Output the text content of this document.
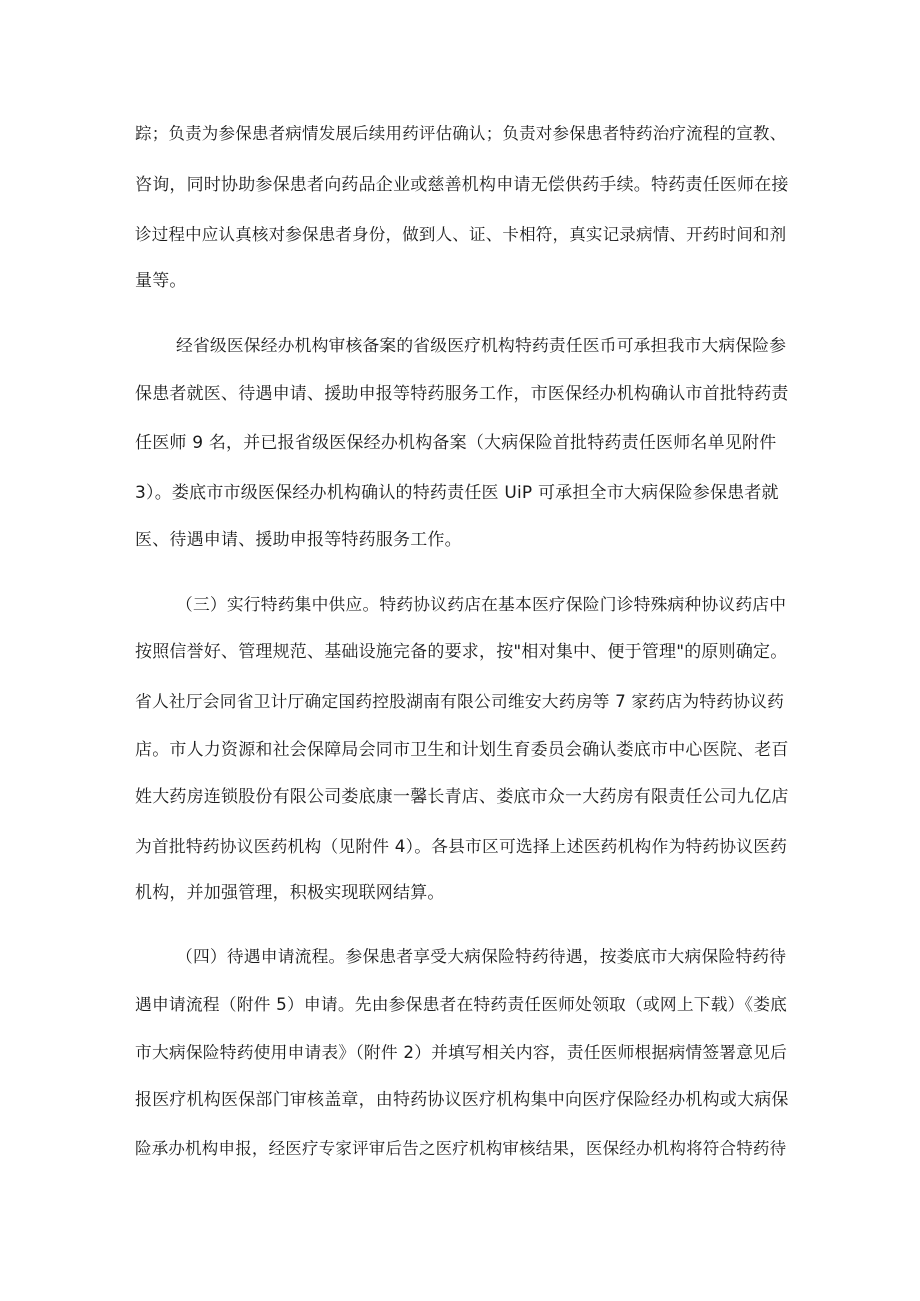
踪；负责为参保患者病情发展后续用药评估确认；负责对参保患者特药治疗流程的宣教、
咨询，同时协助参保患者向药品企业或慈善机构申请无偿供药手续。特药责任医师在接
诊过程中应认真核对参保患者身份，做到人、证、卡相符，真实记录病情、开药时间和剂
量等。
经省级医保经办机构审核备案的省级医疗机构特药责任医币可承担我市大病保险参
保患者就医、待遇申请、援助申报等特药服务工作，市医保经办机构确认市首批特药责
任医师 9 名，并已报省级医保经办机构备案（大病保险首批特药责任医师名单见附件
3）。娄底市市级医保经办机构确认的特药责任医 UiP 可承担全市大病保险参保患者就
医、待遇申请、援助申报等特药服务工作。
（三）实行特药集中供应。特药协议药店在基本医疗保险门诊特殊病种协议药店中
按照信誉好、管理规范、基础设施完备的要求，按"相对集中、便于管理"的原则确定。
省人社厅会同省卫计厅确定国药控股湖南有限公司维安大药房等 7 家药店为特药协议药
店。市人力资源和社会保障局会同市卫生和计划生育委员会确认娄底市中心医院、老百
姓大药房连锁股份有限公司娄底康一馨长青店、娄底市众一大药房有限责任公司九亿店
为首批特药协议医药机构（见附件 4）。各县市区可选择上述医药机构作为特药协议医药
机构，并加强管理，积极实现联网结算。
（四）待遇申请流程。参保患者享受大病保险特药待遇，按娄底市大病保险特药待
遇申请流程（附件 5）申请。先由参保患者在特药责任医师处领取（或网上下载）《娄底
市大病保险特药使用申请表》（附件 2）并填写相关内容，责任医师根据病情签署意见后
报医疗机构医保部门审核盖章，由特药协议医疗机构集中向医疗保险经办机构或大病保
险承办机构申报，经医疗专家评审后告之医疗机构审核结果，医保经办机构将符合特药待
